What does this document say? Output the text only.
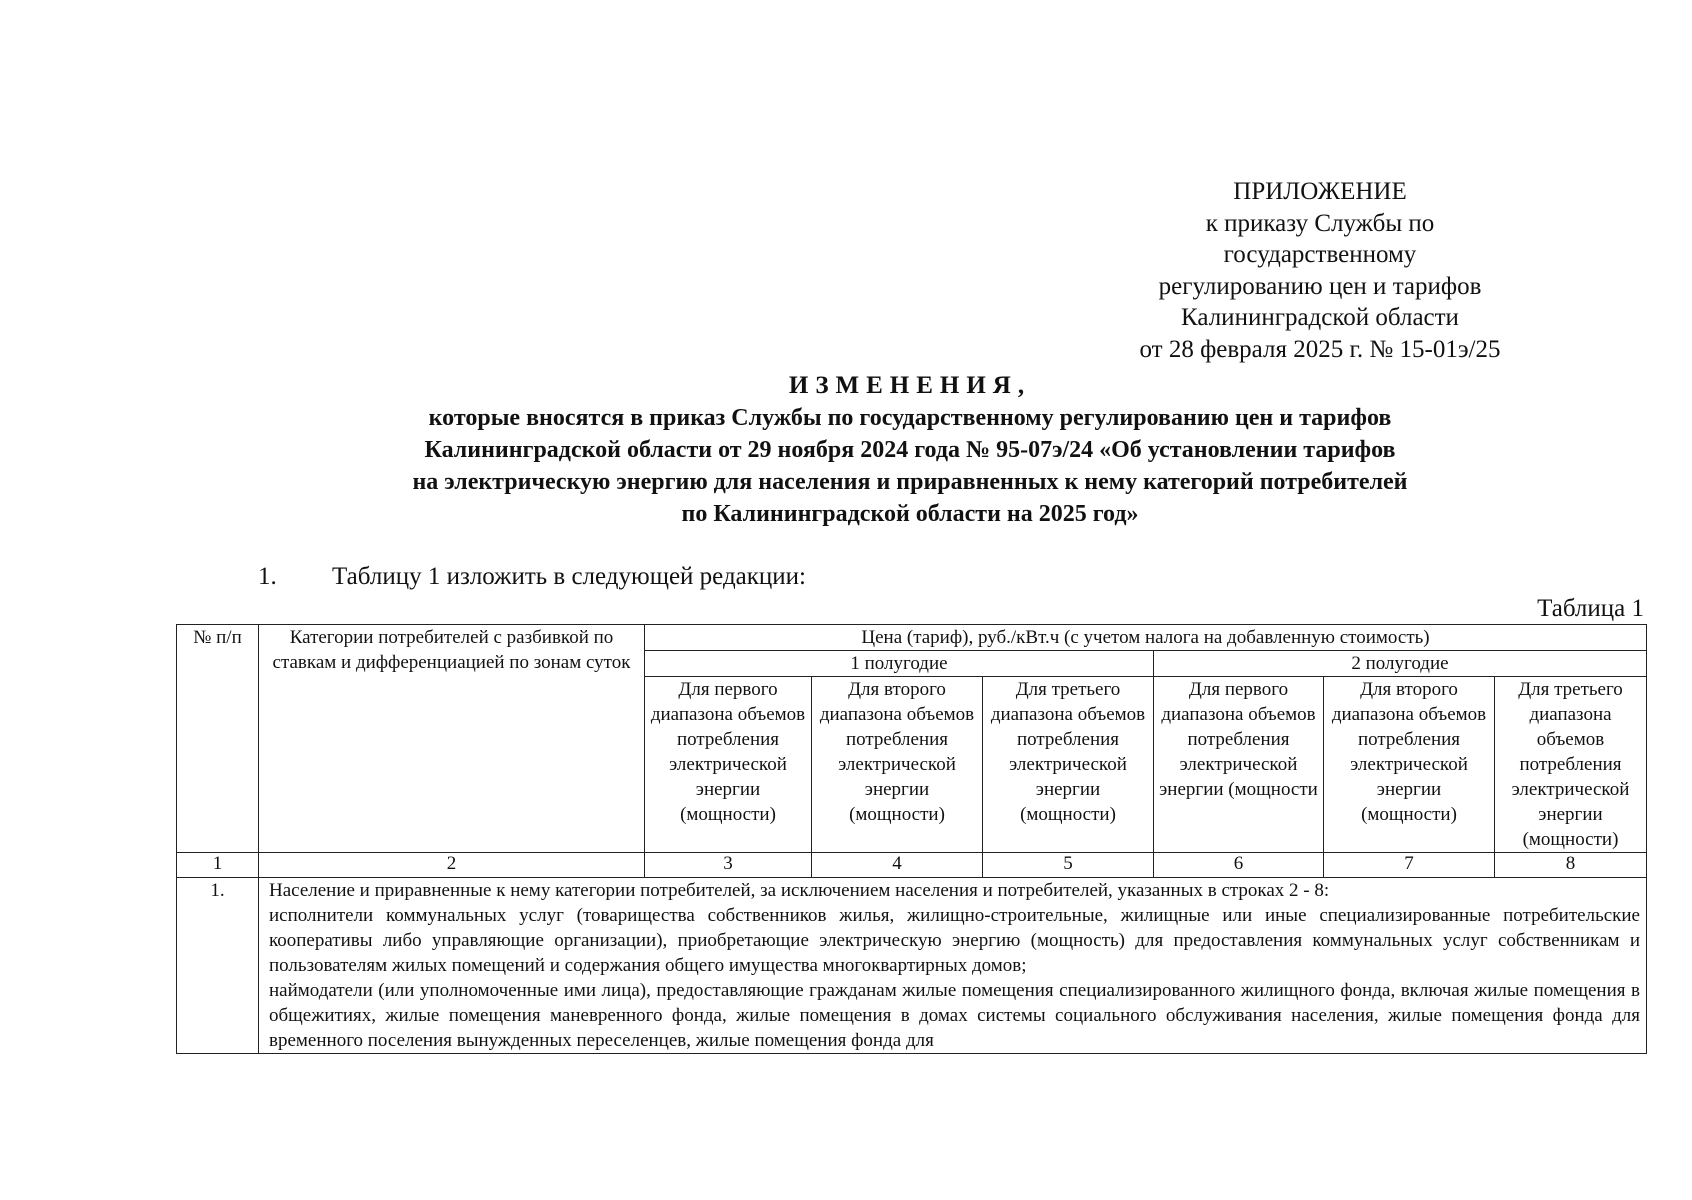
ПРИЛОЖЕНИЕ
к приказу Службы по государственному
регулированию цен и тарифов
Калининградской области
от 28 февраля 2025 г. № 15-01э/25
ИЗМЕНЕНИЯ,
которые вносятся в приказ Службы по государственному регулированию цен и тарифов
Калининградской области от 29 ноября 2024 года № 95-07э/24 «Об установлении тарифов
на электрическую энергию для населения и приравненных к нему категорий потребителей
по Калининградской области на 2025 год»
1. Таблицу 1 изложить в следующей редакции:
Таблица 1
№ п/п	Категории потребителей с разбивкой по ставкам и дифференциацией по зонам суток	Цена (тариф), руб./кВт.ч (с учетом налога на добавленную стоимость)					
		1 полугодие			2 полугодие		
		Для первого диапазона объемов потребления электрической энергии (мощности)	Для второго диапазона объемов потребления электрической энергии (мощности)	Для третьего диапазона объемов потребления электрической энергии (мощности)	Для первого диапазона объемов потребления электрической энергии (мощности	Для второго диапазона объемов потребления электрической энергии (мощности)	Для третьего диапазона объемов потребления электрической энергии (мощности)
1	2	3	4	5	6	7	8
1.	Население и приравненные к нему категории потребителей, за исключением населения и потребителей, указанных в строках 2 - 8:

исполнители коммунальных услуг (товарищества собственников жилья, жилищно-строительные, жилищные или иные специализированные потребительские кооперативы либо управляющие организации), приобретающие электрическую энергию (мощность) для предоставления коммунальных услуг собственникам и пользователям жилых помещений и содержания общего имущества многоквартирных домов;

наймодатели (или уполномоченные ими лица), предоставляющие гражданам жилые помещения специализированного жилищного фонда, включая жилые помещения в общежитиях, жилые помещения маневренного фонда, жилые помещения в домах системы социального обслуживания населения, жилые помещения фонда для временного поселения вынужденных переселенцев, жилые помещения фонда для						
